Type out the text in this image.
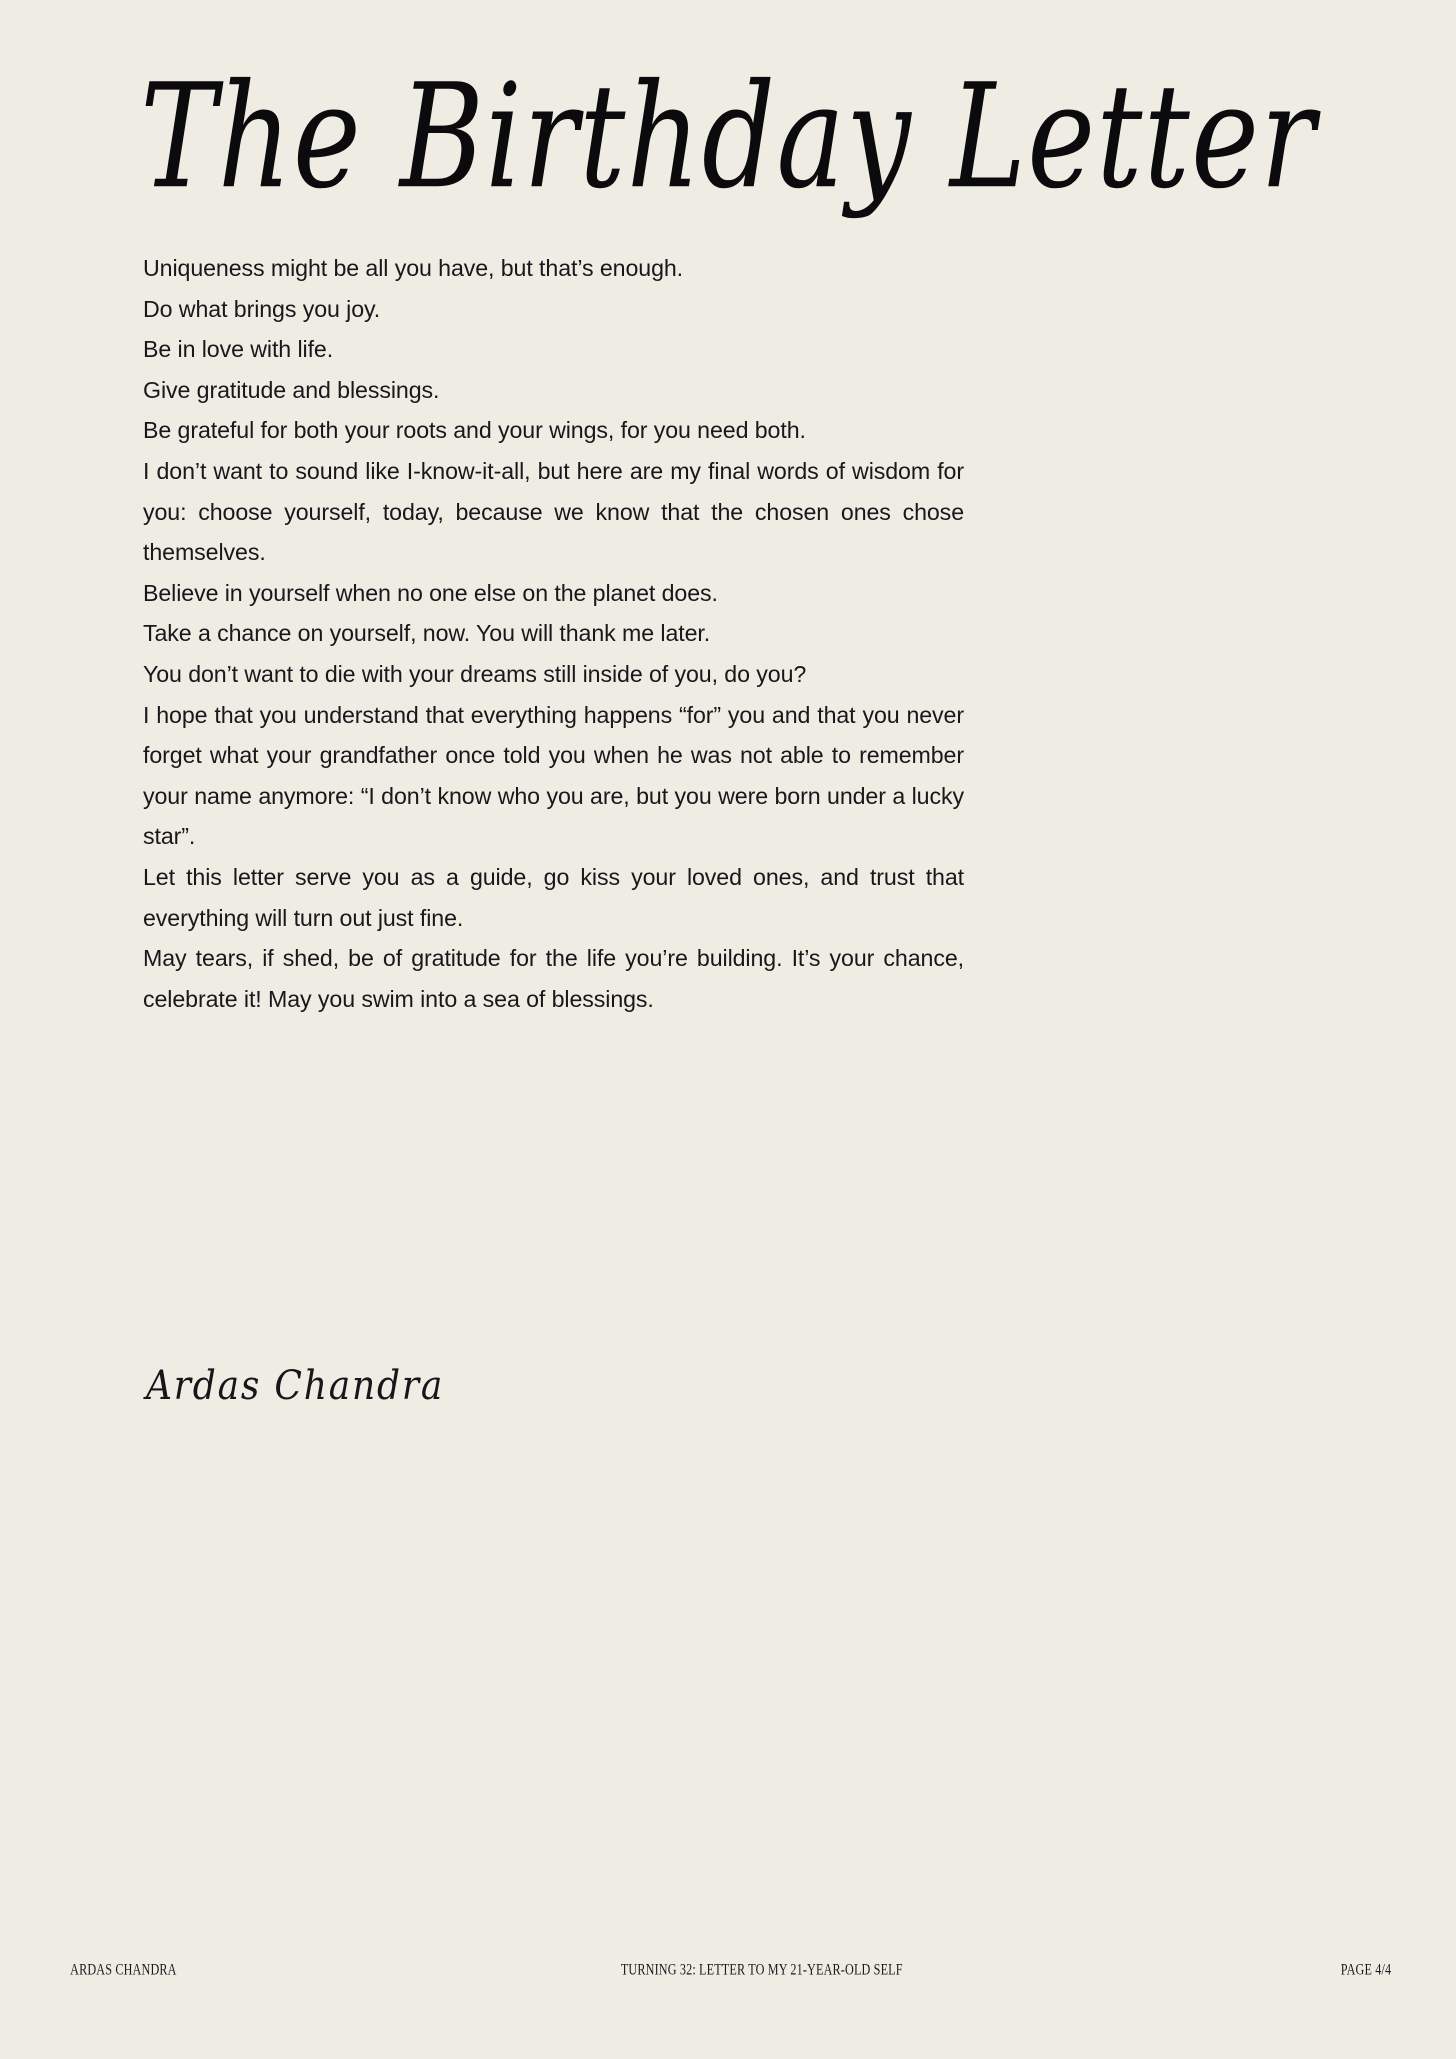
The Birthday Letter

Uniqueness might be all you have, but that’s enough.

Do what brings you joy.

Be in love with life.

Give gratitude and blessings.

Be grateful for both your roots and your wings, for you need both.

I don’t want to sound like I-know-it-all, but here are my final words of wisdom for you: choose yourself, today, because we know that the chosen ones chose themselves.

Believe in yourself when no one else on the planet does.

Take a chance on yourself, now. You will thank me later.

You don’t want to die with your dreams still inside of you, do you?

I hope that you understand that everything happens “for” you and that you never forget what your grandfather once told you when he was not able to remember your name anymore: “I don’t know who you are, but you were born under a lucky star”.

Let this letter serve you as a guide, go kiss your loved ones, and trust that everything will turn out just fine.

May tears, if shed, be of gratitude for the life you’re building. It’s your chance, celebrate it! May you swim into a sea of blessings.

Ardas Chandra
ARDAS CHANDRA	TURNING 32: LETTER TO MY 21-YEAR-OLD SELF	PAGE 4/4
